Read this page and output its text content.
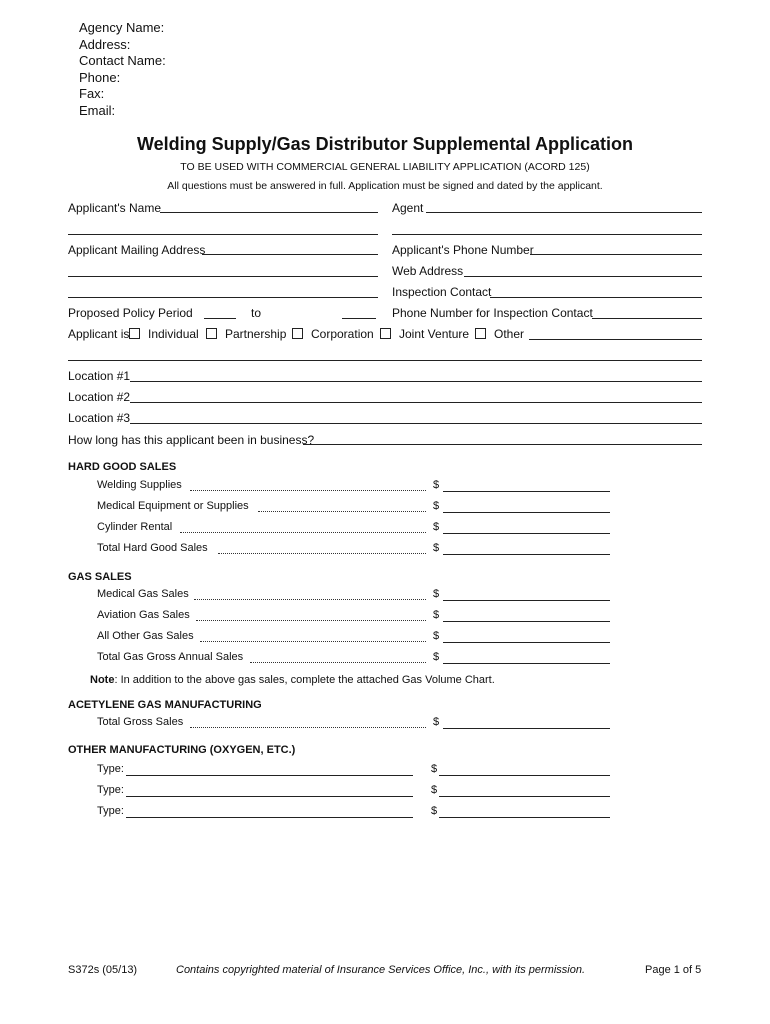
Agency Name:
Address:
Contact Name:
Phone:
Fax:
Email:
Welding Supply/Gas Distributor Supplemental Application
TO BE USED WITH COMMERCIAL GENERAL LIABILITY APPLICATION (ACORD 125)
All questions must be answered in full. Application must be signed and dated by the applicant.
Applicant's Name	Agent
Applicant Mailing Address	Applicant's Phone Number
Web Address
Inspection Contact
Proposed Policy Period	to	Phone Number for Inspection Contact
Applicant is Individual Partnership Corporation Joint Venture Other
Location #1
Location #2
Location #3
How long has this applicant been in business?
HARD GOOD SALES
Welding Supplies	$
Medical Equipment or Supplies	$
Cylinder Rental	$
Total Hard Good Sales	$
GAS SALES
Medical Gas Sales	$
Aviation Gas Sales	$
All Other Gas Sales	$
Total Gas Gross Annual Sales	$
Note: In addition to the above gas sales, complete the attached Gas Volume Chart.
ACETYLENE GAS MANUFACTURING
Total Gross Sales	$
OTHER MANUFACTURING (OXYGEN, ETC.)
Type:	$
Type:	$
Type:	$
S372s (05/13)	Contains copyrighted material of Insurance Services Office, Inc., with its permission.	Page 1 of 5
